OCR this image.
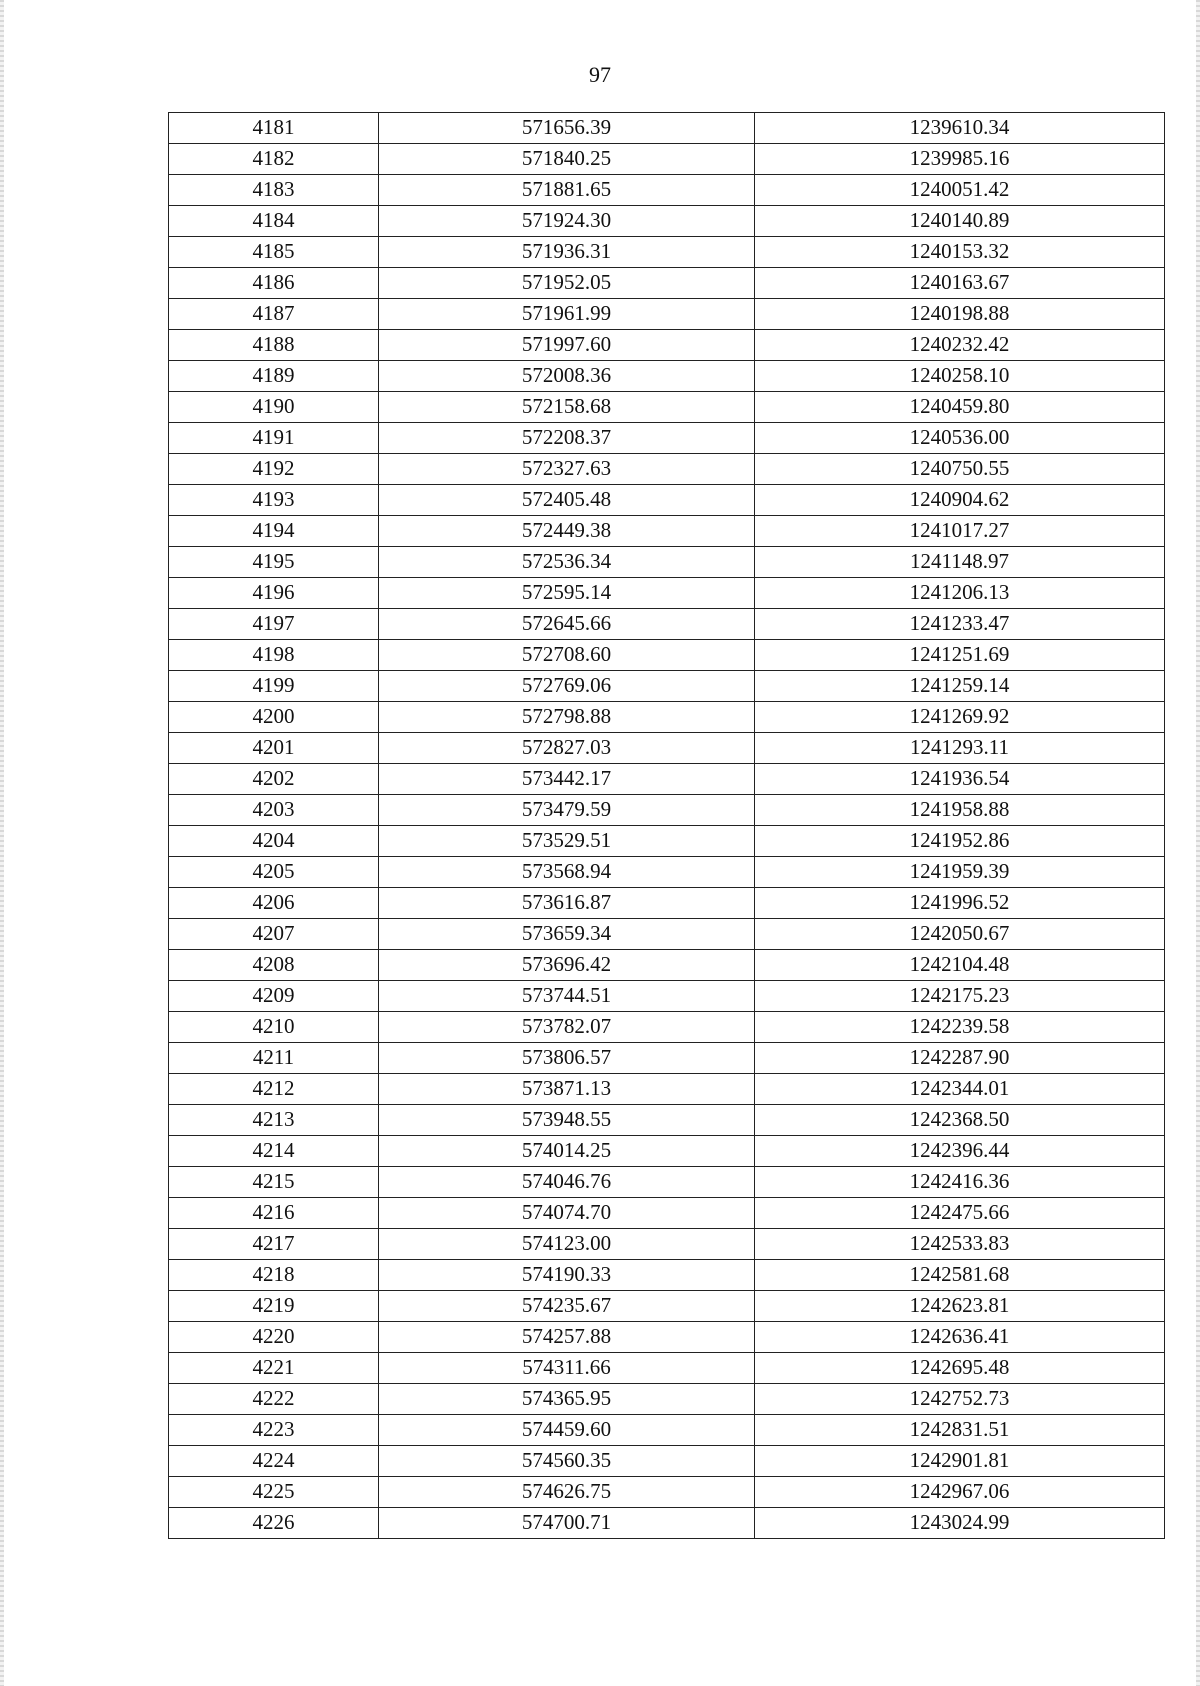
97
4181	571656.39	1239610.34
4182	571840.25	1239985.16
4183	571881.65	1240051.42
4184	571924.30	1240140.89
4185	571936.31	1240153.32
4186	571952.05	1240163.67
4187	571961.99	1240198.88
4188	571997.60	1240232.42
4189	572008.36	1240258.10
4190	572158.68	1240459.80
4191	572208.37	1240536.00
4192	572327.63	1240750.55
4193	572405.48	1240904.62
4194	572449.38	1241017.27
4195	572536.34	1241148.97
4196	572595.14	1241206.13
4197	572645.66	1241233.47
4198	572708.60	1241251.69
4199	572769.06	1241259.14
4200	572798.88	1241269.92
4201	572827.03	1241293.11
4202	573442.17	1241936.54
4203	573479.59	1241958.88
4204	573529.51	1241952.86
4205	573568.94	1241959.39
4206	573616.87	1241996.52
4207	573659.34	1242050.67
4208	573696.42	1242104.48
4209	573744.51	1242175.23
4210	573782.07	1242239.58
4211	573806.57	1242287.90
4212	573871.13	1242344.01
4213	573948.55	1242368.50
4214	574014.25	1242396.44
4215	574046.76	1242416.36
4216	574074.70	1242475.66
4217	574123.00	1242533.83
4218	574190.33	1242581.68
4219	574235.67	1242623.81
4220	574257.88	1242636.41
4221	574311.66	1242695.48
4222	574365.95	1242752.73
4223	574459.60	1242831.51
4224	574560.35	1242901.81
4225	574626.75	1242967.06
4226	574700.71	1243024.99
